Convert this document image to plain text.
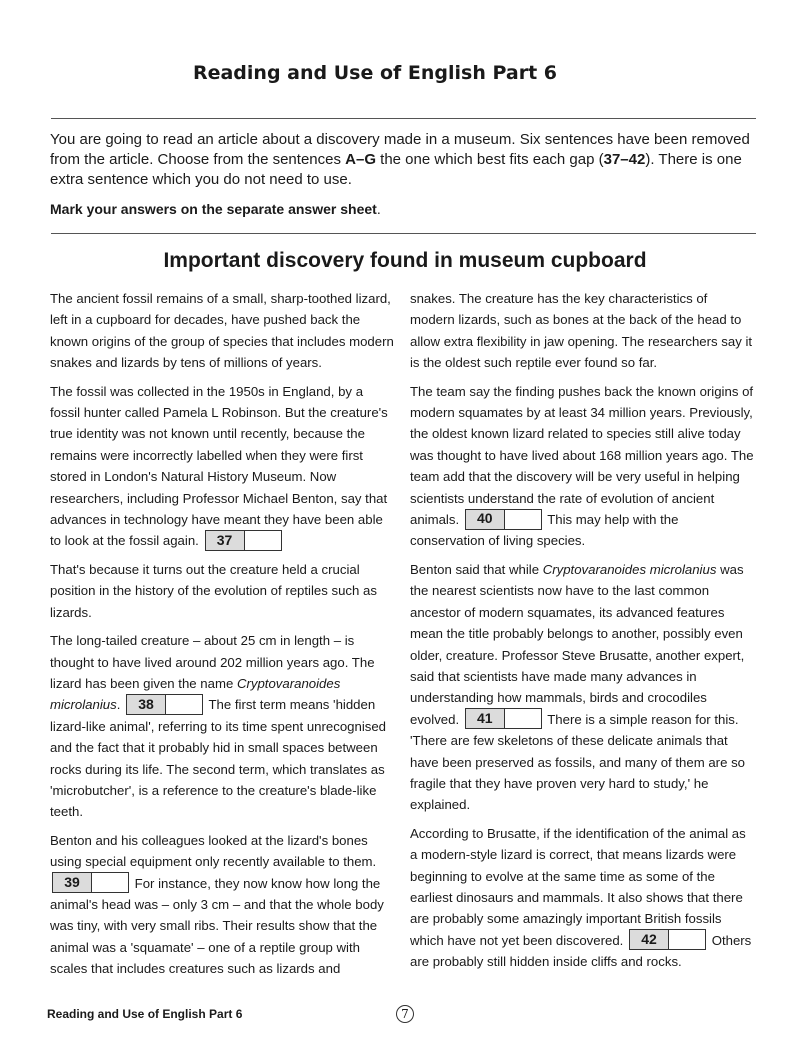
Reading and Use of English Part 6

You are going to read an article about a discovery made in a museum. Six sentences have been removed from the article. Choose from the sentences A–G the one which best fits each gap (37–42). There is one extra sentence which you do not need to use.

Mark your answers on the separate answer sheet.

Important discovery found in museum cupboard

The ancient fossil remains of a small, sharp-toothed lizard, left in a cupboard for decades, have pushed back the known origins of the group of species that includes modern snakes and lizards by tens of millions of years.

The fossil was collected in the 1950s in England, by a fossil hunter called Pamela L Robinson. But the creature's true identity was not known until recently, because the remains were incorrectly labelled when they were first stored in London's Natural History Museum. Now researchers, including Professor Michael Benton, say that advances in technology have meant they have been able to look at the fossil again.	37

That's because it turns out the creature held a crucial position in the history of the evolution of reptiles such as lizards.

The long-tailed creature – about 25 cm in length – is thought to have lived around 202 million years ago. The lizard has been given the name Cryptovaranoides microlanius.	38	The first term means 'hidden lizard-like animal', referring to its time spent unrecognised and the fact that it probably hid in small spaces between rocks during its life. The second term, which translates as 'microbutcher', is a reference to the creature's blade-like teeth.

Benton and his colleagues looked at the lizard's bones using special equipment only recently available to them.
39	For instance, they now know how long the animal's head was – only 3 cm – and that the whole body was tiny, with very small ribs. Their results show that the animal was a 'squamate' – one of a reptile group with scales that includes creatures such as lizards and

snakes. The creature has the key characteristics of modern lizards, such as bones at the back of the head to allow extra flexibility in jaw opening. The researchers say it is the oldest such reptile ever found so far.

The team say the finding pushes back the known origins of modern squamates by at least 34 million years. Previously, the oldest known lizard related to species still alive today was thought to have lived about 168 million years ago. The team add that the discovery will be very useful in helping scientists understand the rate of evolution of ancient animals.	40	This may help with the conservation of living species.

Benton said that while Cryptovaranoides microlanius was the nearest scientists now have to the last common ancestor of modern squamates, its advanced features mean the title probably belongs to another, possibly even older, creature. Professor Steve Brusatte, another expert, said that scientists have made many advances in understanding how mammals, birds and crocodiles evolved.	41	There is a simple reason for this. 'There are few skeletons of these delicate animals that have been preserved as fossils, and many of them are so fragile that they have proven very hard to study,' he explained.

According to Brusatte, if the identification of the animal as a modern-style lizard is correct, that means lizards were beginning to evolve at the same time as some of the earliest dinosaurs and mammals. It also shows that there are probably some amazingly important British fossils which have not yet been discovered.	42	Others are probably still hidden inside cliffs and rocks.

Reading and Use of English Part 6	7
